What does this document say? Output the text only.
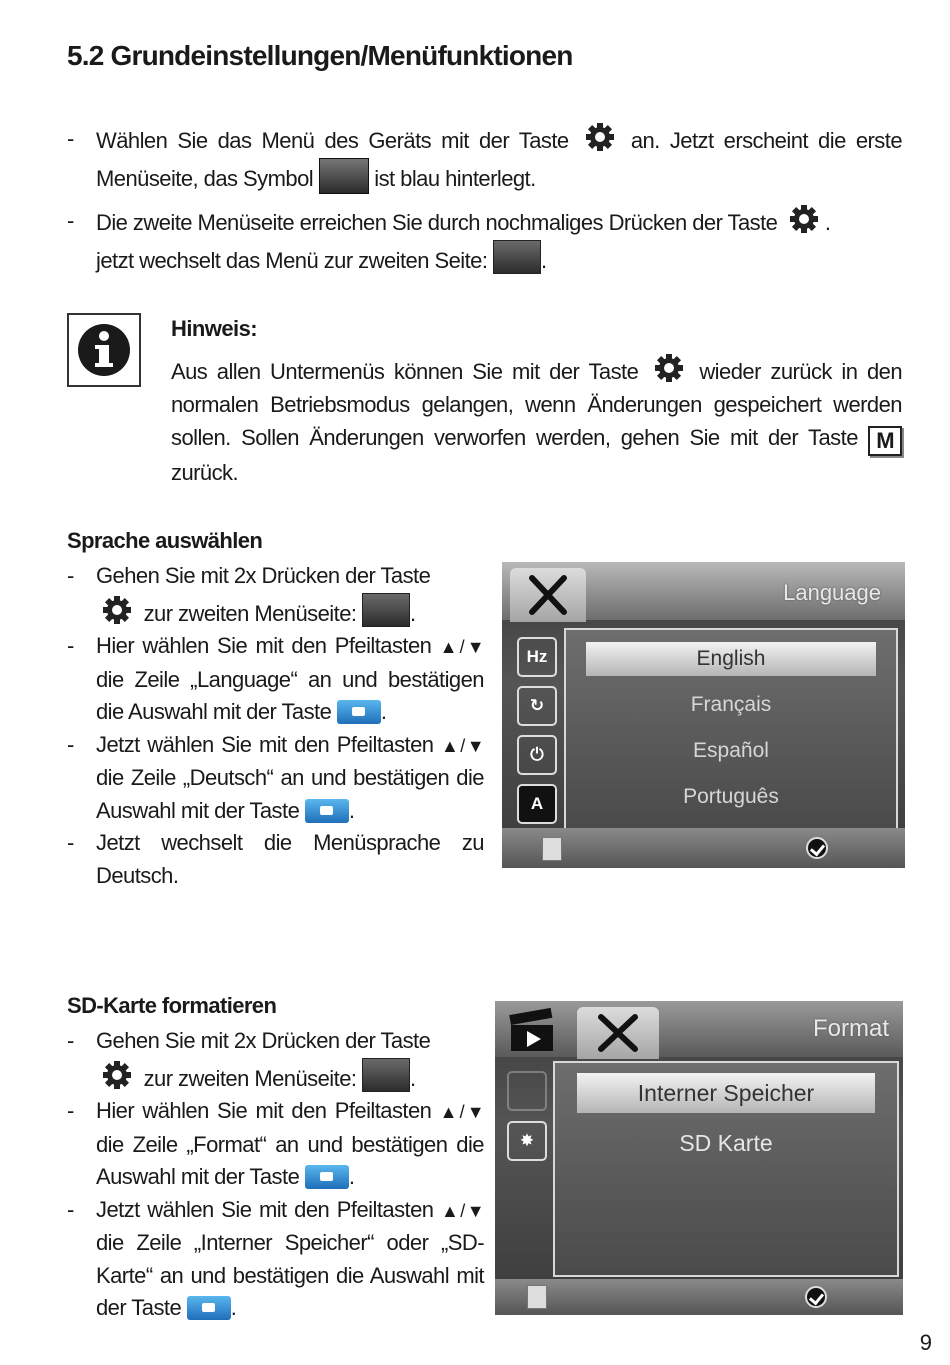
5.2 Grundeinstellungen/Menüfunktionen
- Wählen Sie das Menü des Geräts mit der Taste	an. Jetzt erscheint die erste Menüseite, das Symbol	ist blau hinterlegt.
- Die zweite Menüseite erreichen Sie durch nochmaliges Drücken der Taste .
jetzt wechselt das Menü zur zweiten Seite: .
Hinweis:
Aus allen Untermenüs können Sie mit der Taste	wieder zurück in den normalen Betriebsmodus gelangen, wenn Änderungen gespeichert werden sollen. Sollen Änderungen verworfen werden, gehen Sie mit der Taste M zurück.
Sprache auswählen
- Gehen Sie mit 2x Drücken der Taste
zur zweiten Menüseite: .
- Hier wählen Sie mit den Pfeiltasten ▲/▼ die Zeile „Language“ an und bestätigen die Auswahl mit der Taste .
- Jetzt wählen Sie mit den Pfeiltasten ▲/▼ die Zeile „Deutsch“ an und bestätigen die Auswahl mit der Taste .
- Jetzt wechselt die Menüsprache zu Deutsch.
Language
Hz
↻
⏻
A
English
Français
Español
Português
SD-Karte formatieren
- Gehen Sie mit 2x Drücken der Taste
zur zweiten Menüseite: .
- Hier wählen Sie mit den Pfeiltasten ▲/▼ die Zeile „Format“ an und bestätigen die Auswahl mit der Taste .
- Jetzt wählen Sie mit den Pfeiltasten ▲/▼ die Zeile „Interner Speicher“ oder „SD-Karte“ an und bestätigen die Auswahl mit der Taste .
Format
✸
Interner Speicher
SD Karte
9
